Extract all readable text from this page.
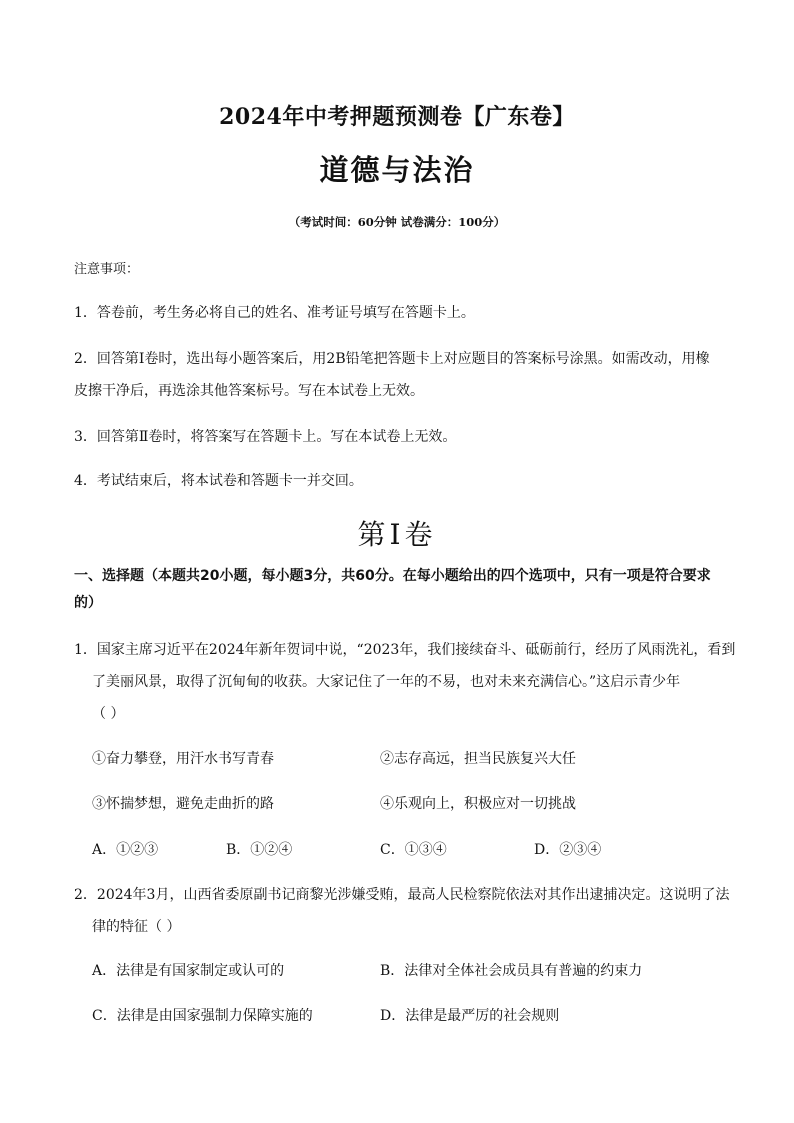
2024年中考押题预测卷【广东卷】
道德与法治
（考试时间：60分钟 试卷满分：100分）
注意事项：
1．答卷前，考生务必将自己的姓名、准考证号填写在答题卡上。
2．回答第Ⅰ卷时，选出每小题答案后，用2B铅笔把答题卡上对应题目的答案标号涂黑。如需改动，用橡
皮擦干净后，再选涂其他答案标号。写在本试卷上无效。
3．回答第Ⅱ卷时，将答案写在答题卡上。写在本试卷上无效。
4．考试结束后，将本试卷和答题卡一并交回。
第Ⅰ卷
一、选择题（本题共20小题，每小题3分，共60分。在每小题给出的四个选项中，只有一项是符合要求
的）
1．国家主席习近平在2024年新年贺词中说，“2023年，我们接续奋斗、砥砺前行，经历了风雨洗礼，看到
了美丽风景，取得了沉甸甸的收获。大家记住了一年的不易，也对未来充满信心。”这启示青少年
（ ）
①奋力攀登，用汗水书写青春	②志存高远，担当民族复兴大任
③怀揣梦想，避免走曲折的路	④乐观向上，积极应对一切挑战
A．①②③	B．①②④	C．①③④	D．②③④
2．2024年3月，山西省委原副书记商黎光涉嫌受贿，最高人民检察院依法对其作出逮捕决定。这说明了法
律的特征（ ）
A．法律是有国家制定或认可的	B．法律对全体社会成员具有普遍的约束力
C．法律是由国家强制力保障实施的	D．法律是最严厉的社会规则
